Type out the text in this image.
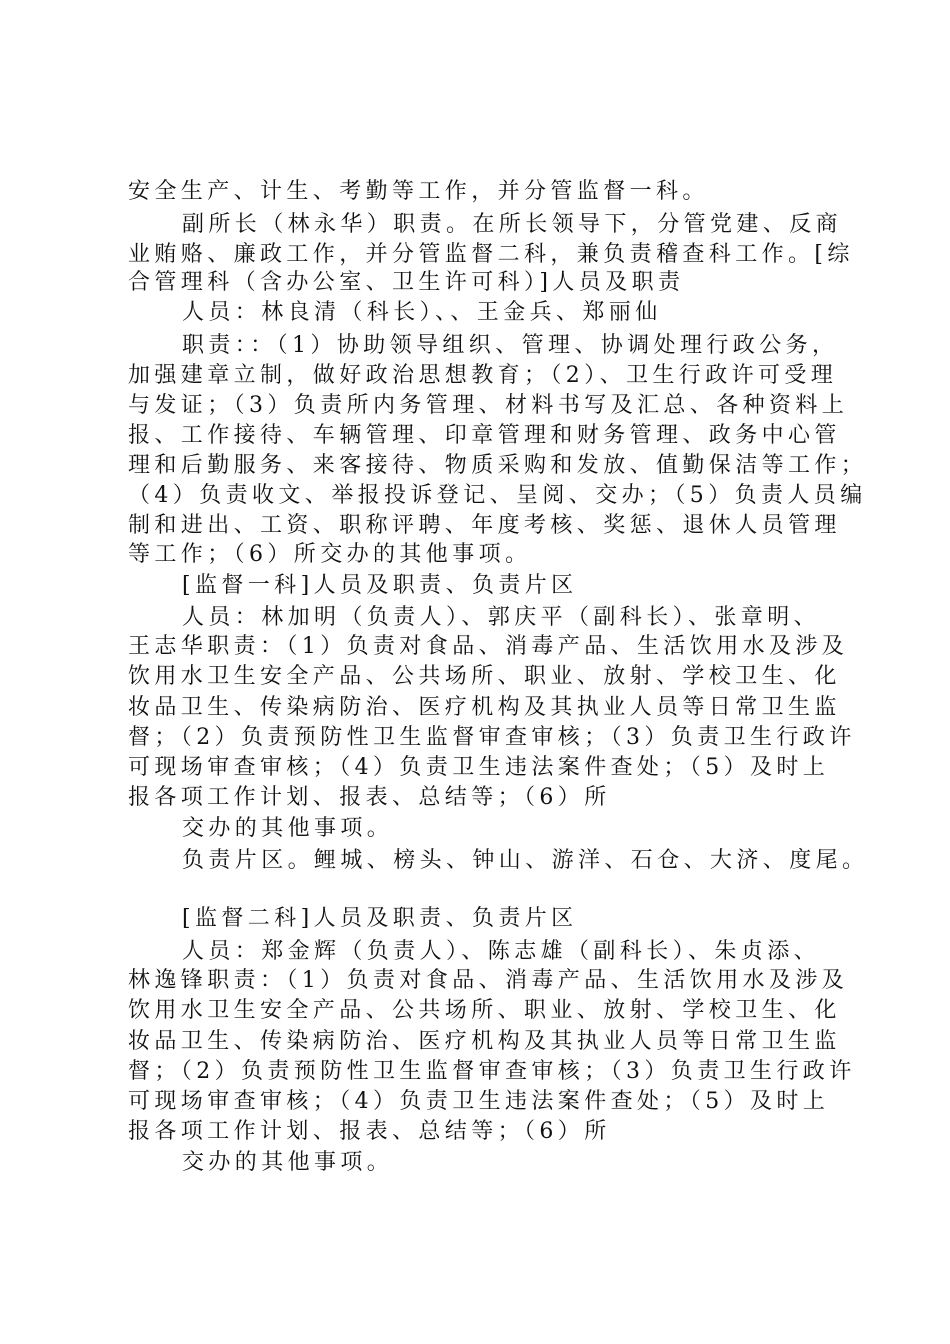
安全生产、计生、考勤等工作，并分管监督一科。
副所长（林永华）职责。在所长领导下，分管党建、反商
业贿赂、廉政工作，并分管监督二科，兼负责稽查科工作。[综
合管理科（含办公室、卫生许可科）]人员及职责
人员：林良清（科长）、、王金兵、郑丽仙
职责：：（1）协助领导组织、管理、协调处理行政公务，
加强建章立制，做好政治思想教育；（2）、卫生行政许可受理
与发证；（3）负责所内务管理、材料书写及汇总、各种资料上
报、工作接待、车辆管理、印章管理和财务管理、政务中心管
理和后勤服务、来客接待、物质采购和发放、值勤保洁等工作；
（4）负责收文、举报投诉登记、呈阅、交办；（5）负责人员编
制和进出、工资、职称评聘、年度考核、奖惩、退休人员管理
等工作；（6）所交办的其他事项。
[监督一科]人员及职责、负责片区
人员：林加明（负责人）、郭庆平（副科长）、张章明、
王志华职责：（1）负责对食品、消毒产品、生活饮用水及涉及
饮用水卫生安全产品、公共场所、职业、放射、学校卫生、化
妆品卫生、传染病防治、医疗机构及其执业人员等日常卫生监
督；（2）负责预防性卫生监督审查审核；（3）负责卫生行政许
可现场审查审核；（4）负责卫生违法案件查处；（5）及时上
报各项工作计划、报表、总结等；（6）所
交办的其他事项。
负责片区。鲤城、榜头、钟山、游洋、石仓、大济、度尾。
[监督二科]人员及职责、负责片区
人员：郑金辉（负责人）、陈志雄（副科长）、朱贞添、
林逸锋职责：（1）负责对食品、消毒产品、生活饮用水及涉及
饮用水卫生安全产品、公共场所、职业、放射、学校卫生、化
妆品卫生、传染病防治、医疗机构及其执业人员等日常卫生监
督；（2）负责预防性卫生监督审查审核；（3）负责卫生行政许
可现场审查审核；（4）负责卫生违法案件查处；（5）及时上
报各项工作计划、报表、总结等；（6）所
交办的其他事项。
